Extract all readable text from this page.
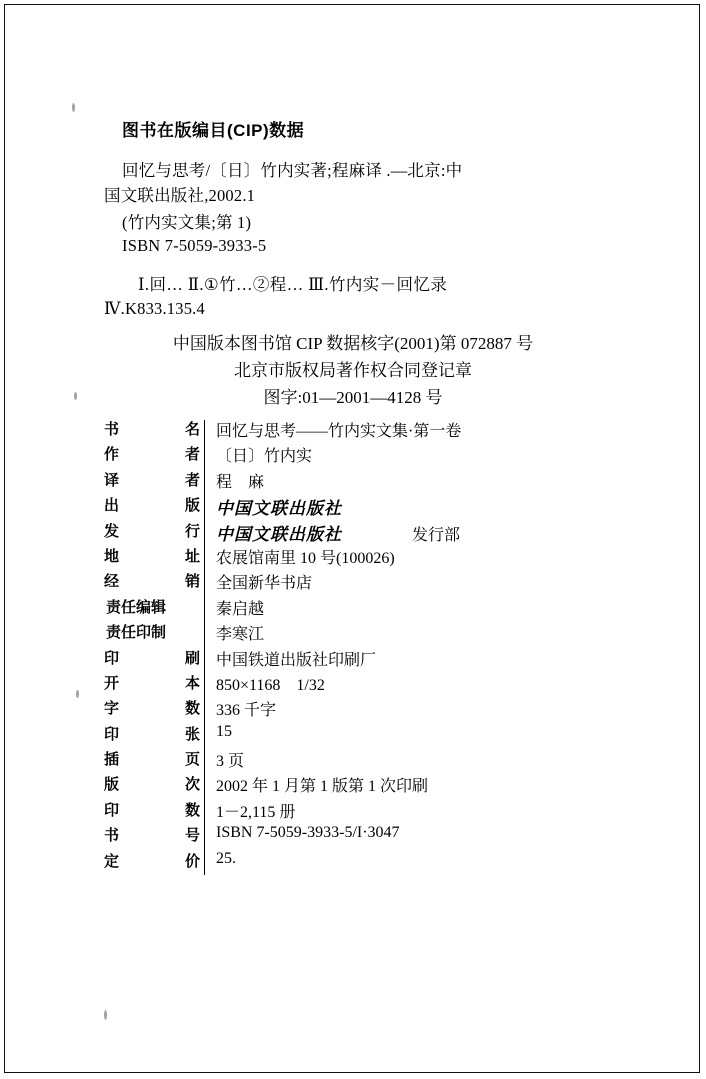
图书在版编目(CIP)数据
回忆与思考/〔日〕竹内实著;程麻译 .—北京:中
国文联出版社,2002.1
(竹内实文集;第 1)
ISBN 7-5059-3933-5
Ⅰ.回… Ⅱ.①竹…②程… Ⅲ.竹内实－回忆录
Ⅳ.K833.135.4
中国版本图书馆 CIP 数据核字(2001)第 072887 号
北京市版权局著作权合同登记章
图字:01—2001—4128 号
书	名 回忆与思考——竹内实文集·第一卷
作	者 〔日〕竹内实
译	者 程　麻
出	版 中国文联出版社
发	行 中国文联出版社	发行部
地	址 农展馆南里 10 号(100026)
经	销 全国新华书店
责任编辑	秦启越
责任印制	李寒江
印	刷 中国铁道出版社印刷厂
开	本 850×1168　1/32
字	数 336 千字
印	张 15
插	页 3 页
版	次 2002 年 1 月第 1 版第 1 次印刷
印	数 1－2,115 册
书	号 ISBN 7-5059-3933-5/I·3047
定	价 25.
